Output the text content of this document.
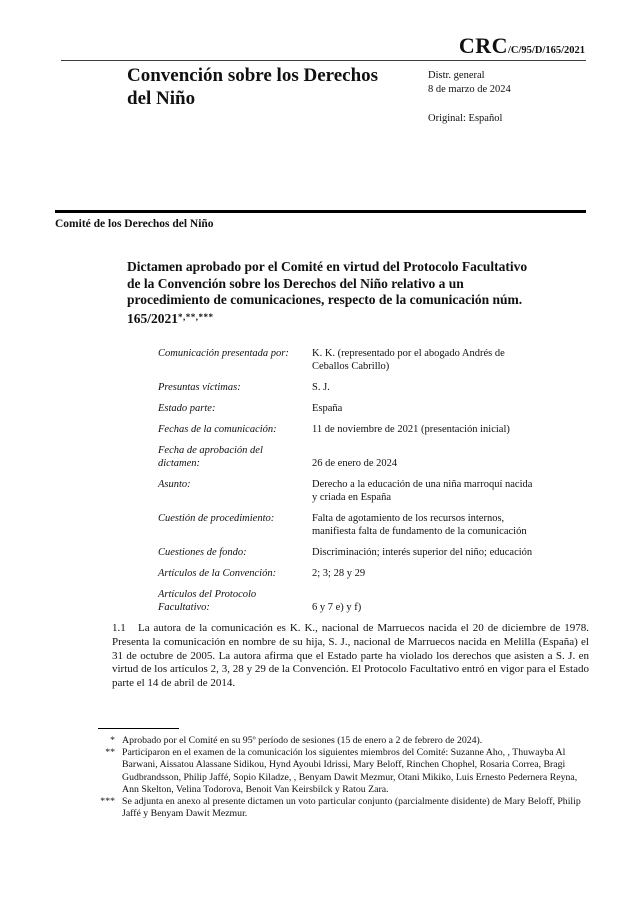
CRC/C/95/D/165/2021
Convención sobre los Derechos del Niño
Distr. general
8 de marzo de 2024
Original: Español
Comité de los Derechos del Niño
Dictamen aprobado por el Comité en virtud del Protocolo Facultativo de la Convención sobre los Derechos del Niño relativo a un procedimiento de comunicaciones, respecto de la comunicación núm. 165/2021*,**,***
Comunicación presentada por:	K. K. (representado por el abogado Andrés de Ceballos Cabrillo)
Presuntas víctimas:	S. J.
Estado parte:	España
Fechas de la comunicación:	11 de noviembre de 2021 (presentación inicial)
Fecha de aprobación del dictamen:	26 de enero de 2024
Asunto:	Derecho a la educación de una niña marroquí nacida y criada en España
Cuestión de procedimiento:	Falta de agotamiento de los recursos internos, manifiesta falta de fundamento de la comunicación
Cuestiones de fondo:	Discriminación; interés superior del niño; educación
Artículos de la Convención:	2; 3; 28 y 29
Artículos del Protocolo Facultativo:	6 y 7 e) y f)

1.1 La autora de la comunicación es K. K., nacional de Marruecos nacida el 20 de diciembre de 1978. Presenta la comunicación en nombre de su hija, S. J., nacional de Marruecos nacida en Melilla (España) el 31 de octubre de 2005. La autora afirma que el Estado parte ha violado los derechos que asisten a S. J. en virtud de los artículos 2, 3, 28 y 29 de la Convención. El Protocolo Facultativo entró en vigor para el Estado parte el 14 de abril de 2014.

* Aprobado por el Comité en su 95º período de sesiones (15 de enero a 2 de febrero de 2024).
** Participaron en el examen de la comunicación los siguientes miembros del Comité: Suzanne Aho, , Thuwayba Al Barwani, Aissatou Alassane Sidikou, Hynd Ayoubi Idrissi, Mary Beloff, Rinchen Chophel, Rosaria Correa, Bragi Gudbrandsson, Philip Jaffé, Sopio Kiladze, , Benyam Dawit Mezmur, Otani Mikiko, Luis Ernesto Pedernera Reyna, Ann Skelton, Velina Todorova, Benoit Van Keirsbilck y Ratou Zara.
*** Se adjunta en anexo al presente dictamen un voto particular conjunto (parcialmente disidente) de Mary Beloff, Philip Jaffé y Benyam Dawit Mezmur.
